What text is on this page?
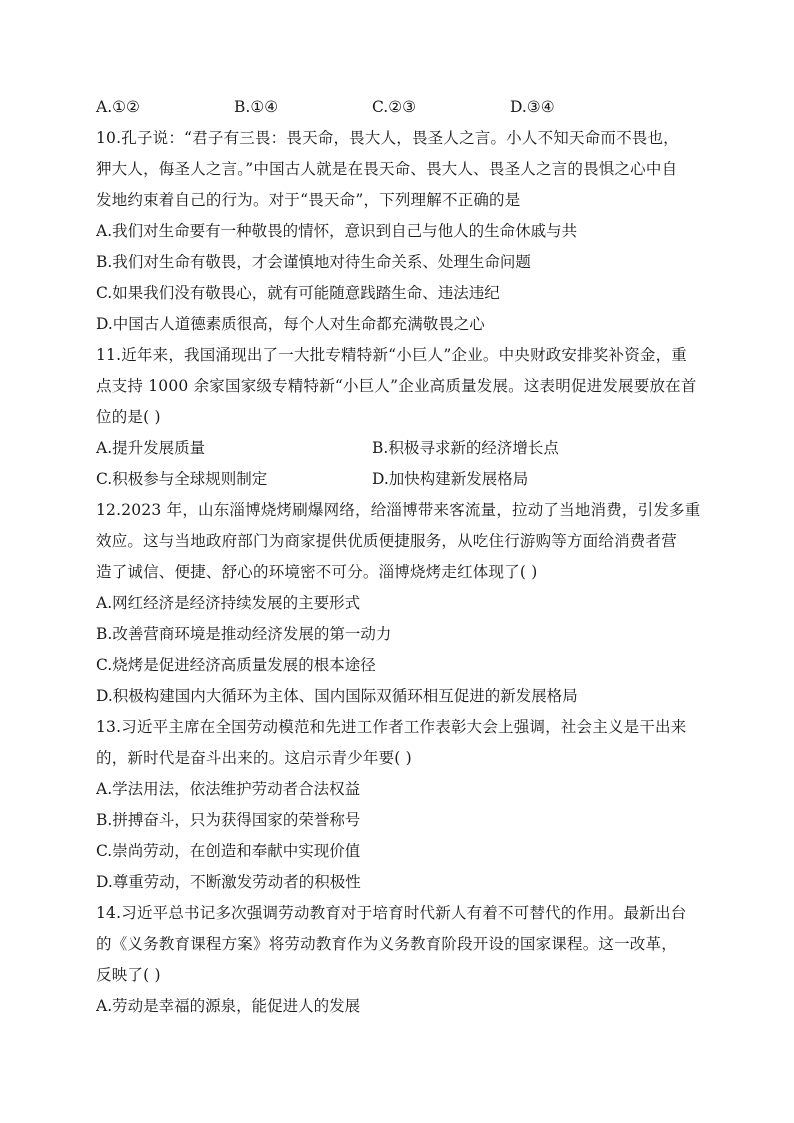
A.①②	B.①④	C.②③	D.③④
10.孔子说：“君子有三畏：畏天命，畏大人，畏圣人之言。小人不知天命而不畏也，
狎大人，侮圣人之言。”中国古人就是在畏天命、畏大人、畏圣人之言的畏惧之心中自
发地约束着自己的行为。对于“畏天命”，下列理解不正确的是
A.我们对生命要有一种敬畏的情怀，意识到自己与他人的生命休戚与共
B.我们对生命有敬畏，才会谨慎地对待生命关系、处理生命问题
C.如果我们没有敬畏心，就有可能随意践踏生命、违法违纪
D.中国古人道德素质很高，每个人对生命都充满敬畏之心
11.近年来，我国涌现出了一大批专精特新“小巨人”企业。中央财政安排奖补资金，重
点支持 1000 余家国家级专精特新“小巨人”企业高质量发展。这表明促进发展要放在首
位的是( )
A.提升发展质量	B.积极寻求新的经济增长点
C.积极参与全球规则制定	D.加快构建新发展格局
12.2023 年，山东淄博烧烤刷爆网络，给淄博带来客流量，拉动了当地消费，引发多重
效应。这与当地政府部门为商家提供优质便捷服务，从吃住行游购等方面给消费者营
造了诚信、便捷、舒心的环境密不可分。淄博烧烤走红体现了( )
A.网红经济是经济持续发展的主要形式
B.改善营商环境是推动经济发展的第一动力
C.烧烤是促进经济高质量发展的根本途径
D.积极构建国内大循环为主体、国内国际双循环相互促进的新发展格局
13.习近平主席在全国劳动模范和先进工作者工作表彰大会上强调，社会主义是干出来
的，新时代是奋斗出来的。这启示青少年要( )
A.学法用法，依法维护劳动者合法权益
B.拼搏奋斗，只为获得国家的荣誉称号
C.崇尚劳动，在创造和奉献中实现价值
D.尊重劳动，不断激发劳动者的积极性
14.习近平总书记多次强调劳动教育对于培育时代新人有着不可替代的作用。最新出台
的《义务教育课程方案》将劳动教育作为义务教育阶段开设的国家课程。这一改革，
反映了( )
A.劳动是幸福的源泉，能促进人的发展
